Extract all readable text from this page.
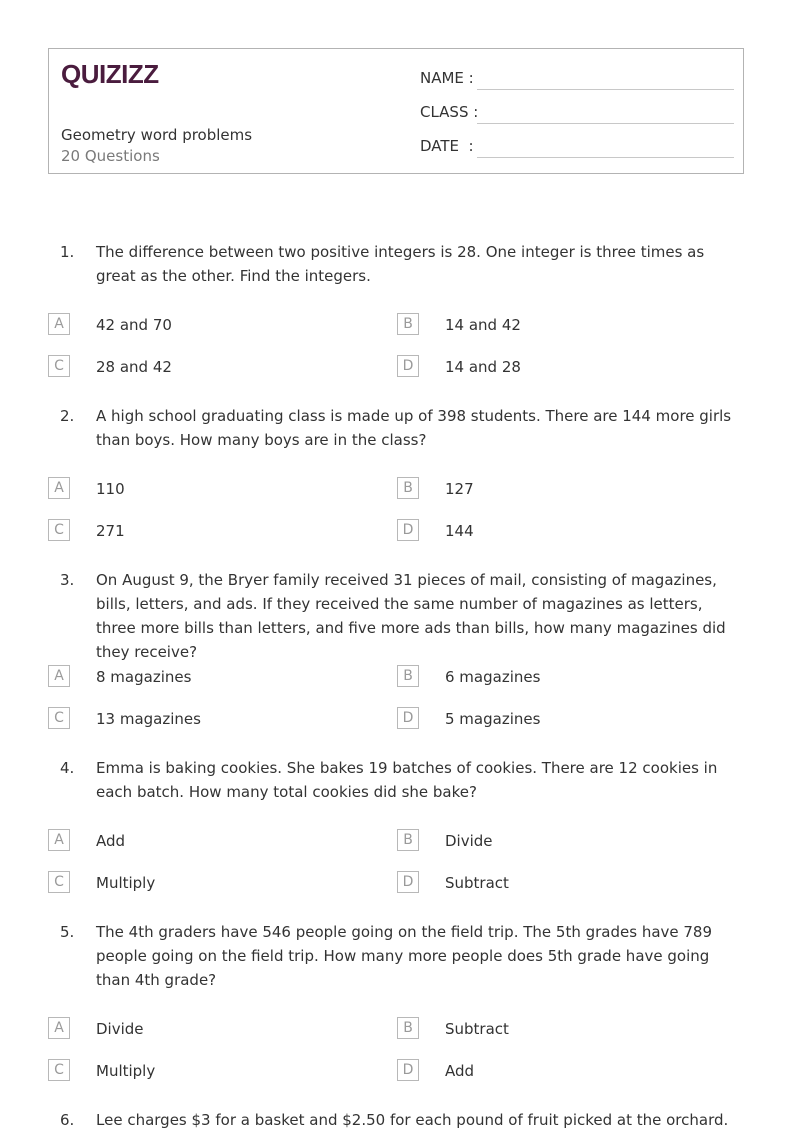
QUIZIZZ
Geometry word problems
20 Questions
NAME :
CLASS :
DATE  :
1. The difference between two positive integers is 28. One integer is three times as great as the other. Find the integers.
A	42 and 70	B	14 and 42
C	28 and 42	D	14 and 28
2. A high school graduating class is made up of 398 students. There are 144 more girls than boys. How many boys are in the class?
A	110	B	127
C	271	D	144
3. On August 9, the Bryer family received 31 pieces of mail, consisting of magazines, bills, letters, and ads. If they received the same number of magazines as letters, three more bills than letters, and five more ads than bills, how many magazines did they receive?
A	8 magazines	B	6 magazines
C	13 magazines	D	5 magazines
4. Emma is baking cookies. She bakes 19 batches of cookies. There are 12 cookies in each batch. How many total cookies did she bake?
A	Add	B	Divide
C	Multiply	D	Subtract
5. The 4th graders have 546 people going on the field trip. The 5th grades have 789 people going on the field trip. How many more people does 5th grade have going than 4th grade?
A	Divide	B	Subtract
C	Multiply	D	Add
6. Lee charges $3 for a basket and $2.50 for each pound of fruit picked at the orchard.
